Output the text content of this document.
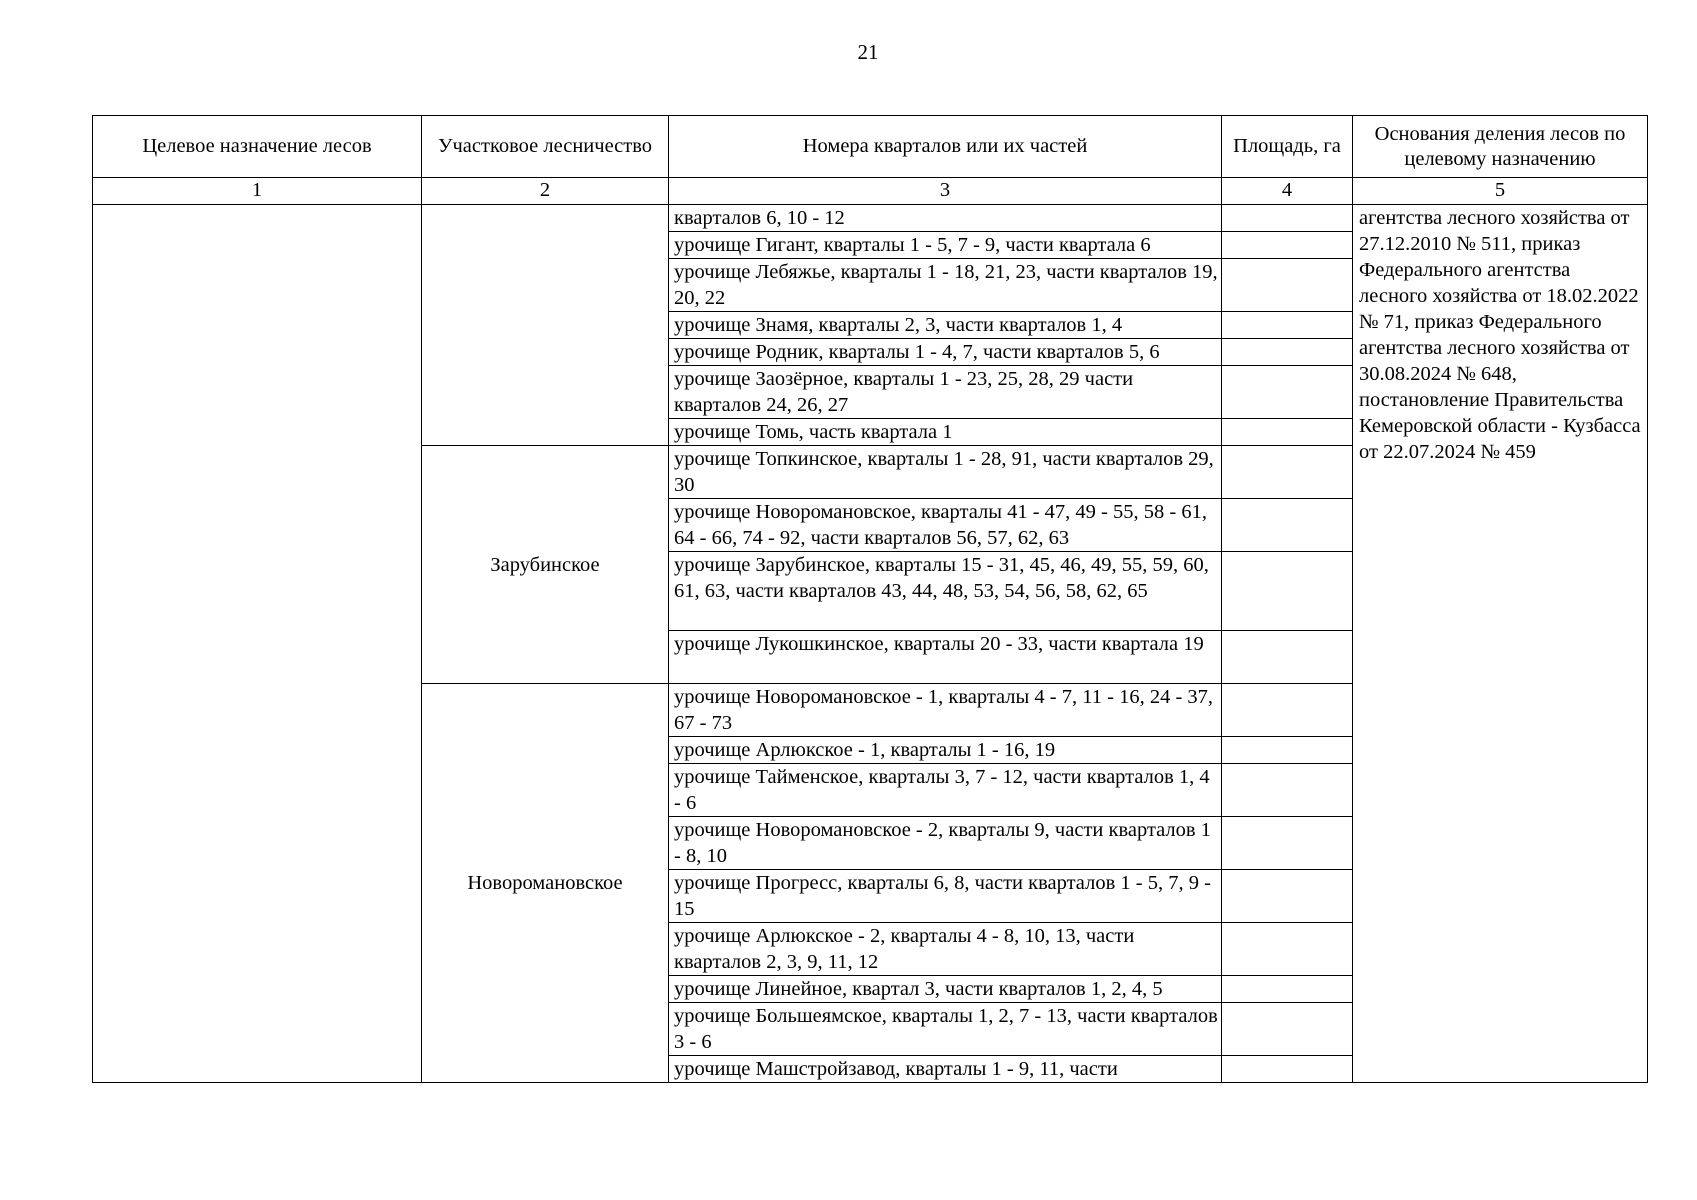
21
Целевое назначение лесов	Участковое лесничество	Номера кварталов или их частей	Площадь, га	Основания деления лесов по целевому назначению
1	2	3	4	5
		кварталов 6, 10 - 12		агентства лесного хозяйства от 27.12.2010 № 511, приказ Федерального агентства лесного хозяйства от 18.02.2022 № 71, приказ Федерального агентства лесного хозяйства от 30.08.2024 № 648, постановление Правительства Кемеровской области - Кузбасса от 22.07.2024 № 459
		урочище Гигант, кварталы 1 - 5, 7 - 9, части квартала 6		
		урочище Лебяжье, кварталы 1 - 18, 21, 23, части кварталов 19, 20, 22		
		урочище Знамя, кварталы 2, 3, части кварталов 1, 4		
		урочище Родник, кварталы 1 - 4, 7, части кварталов 5, 6		
		урочище Заозёрное, кварталы 1 - 23, 25, 28, 29 части кварталов 24, 26, 27		
		урочище Томь, часть квартала 1		
	Зарубинское	урочище Топкинское, кварталы 1 - 28, 91, части кварталов 29, 30		
		урочище Новоромановское, кварталы 41 - 47, 49 - 55, 58 - 61, 64 - 66, 74 - 92, части кварталов 56, 57, 62, 63		
		урочище Зарубинское, кварталы 15 - 31, 45, 46, 49, 55, 59, 60, 61, 63, части кварталов 43, 44, 48, 53, 54, 56, 58, 62, 65		
		урочище Лукошкинское, кварталы 20 - 33, части квартала 19		
	Новоромановское	урочище Новоромановское - 1, кварталы 4 - 7, 11 - 16, 24 - 37, 67 - 73		
		урочище Арлюкское - 1, кварталы 1 - 16, 19		
		урочище Тайменское, кварталы 3, 7 - 12, части кварталов 1, 4 - 6		
		урочище Новоромановское - 2, кварталы 9, части кварталов 1 - 8, 10		
		урочище Прогресс, кварталы 6, 8, части кварталов 1 - 5, 7, 9 - 15		
		урочище Арлюкское - 2, кварталы 4 - 8, 10, 13, части кварталов 2, 3, 9, 11, 12		
		урочище Линейное, квартал 3, части кварталов 1, 2, 4, 5		
		урочище Большеямское, кварталы 1, 2, 7 - 13, части кварталов 3 - 6		
		урочище Машстройзавод, кварталы 1 - 9, 11, части		
